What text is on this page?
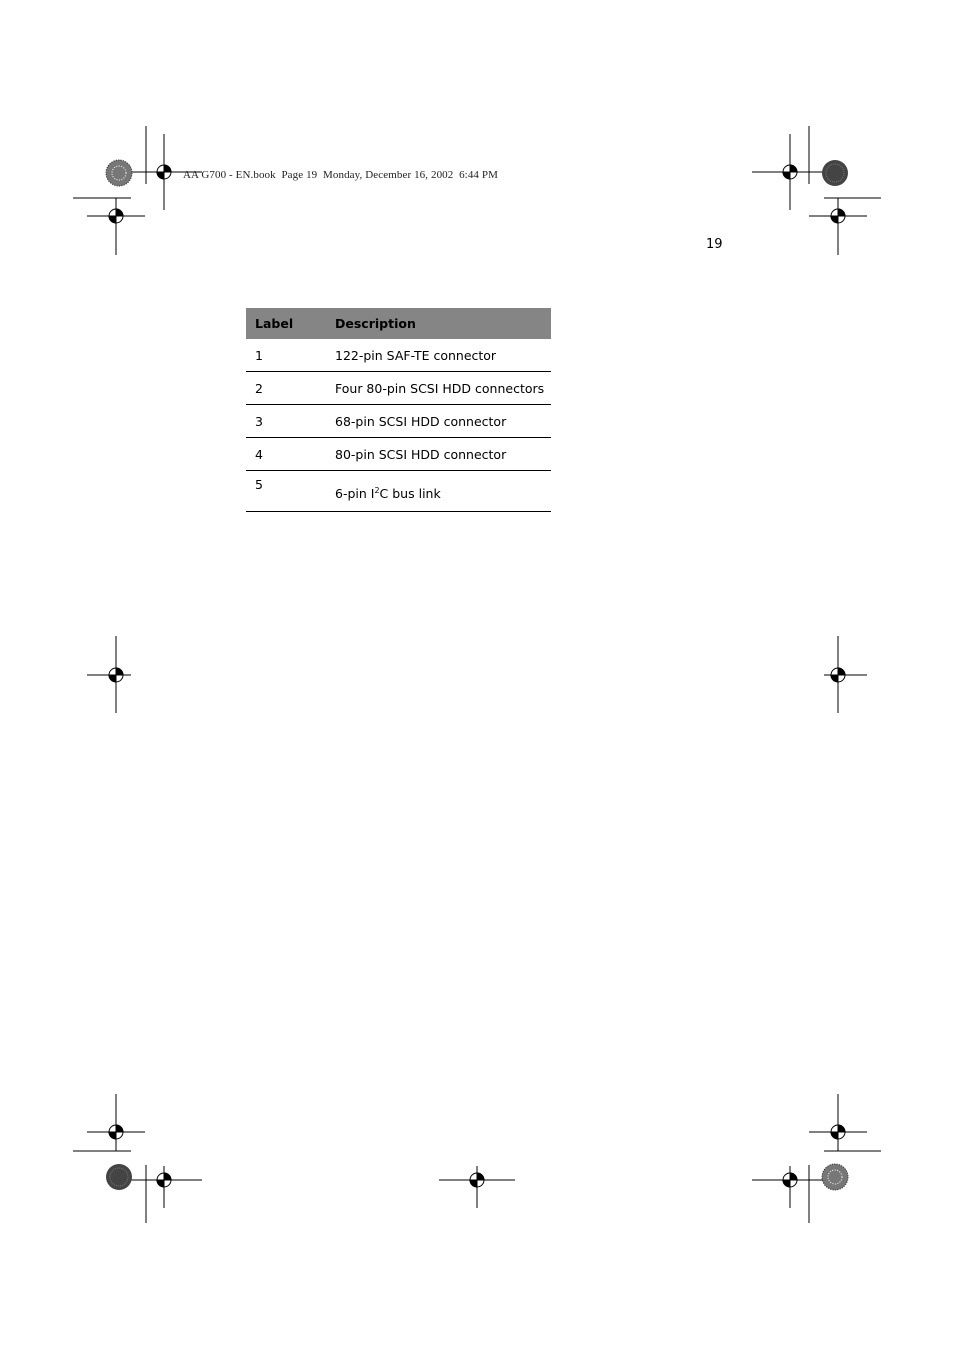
AA G700 - EN.book  Page 19  Monday, December 16, 2002  6:44 PM
19
Label	Description
1	122-pin SAF-TE connector
2	Four 80-pin SCSI HDD connectors
3	68-pin SCSI HDD connector
4	80-pin SCSI HDD connector
5	6-pin $I^2C$ bus link
